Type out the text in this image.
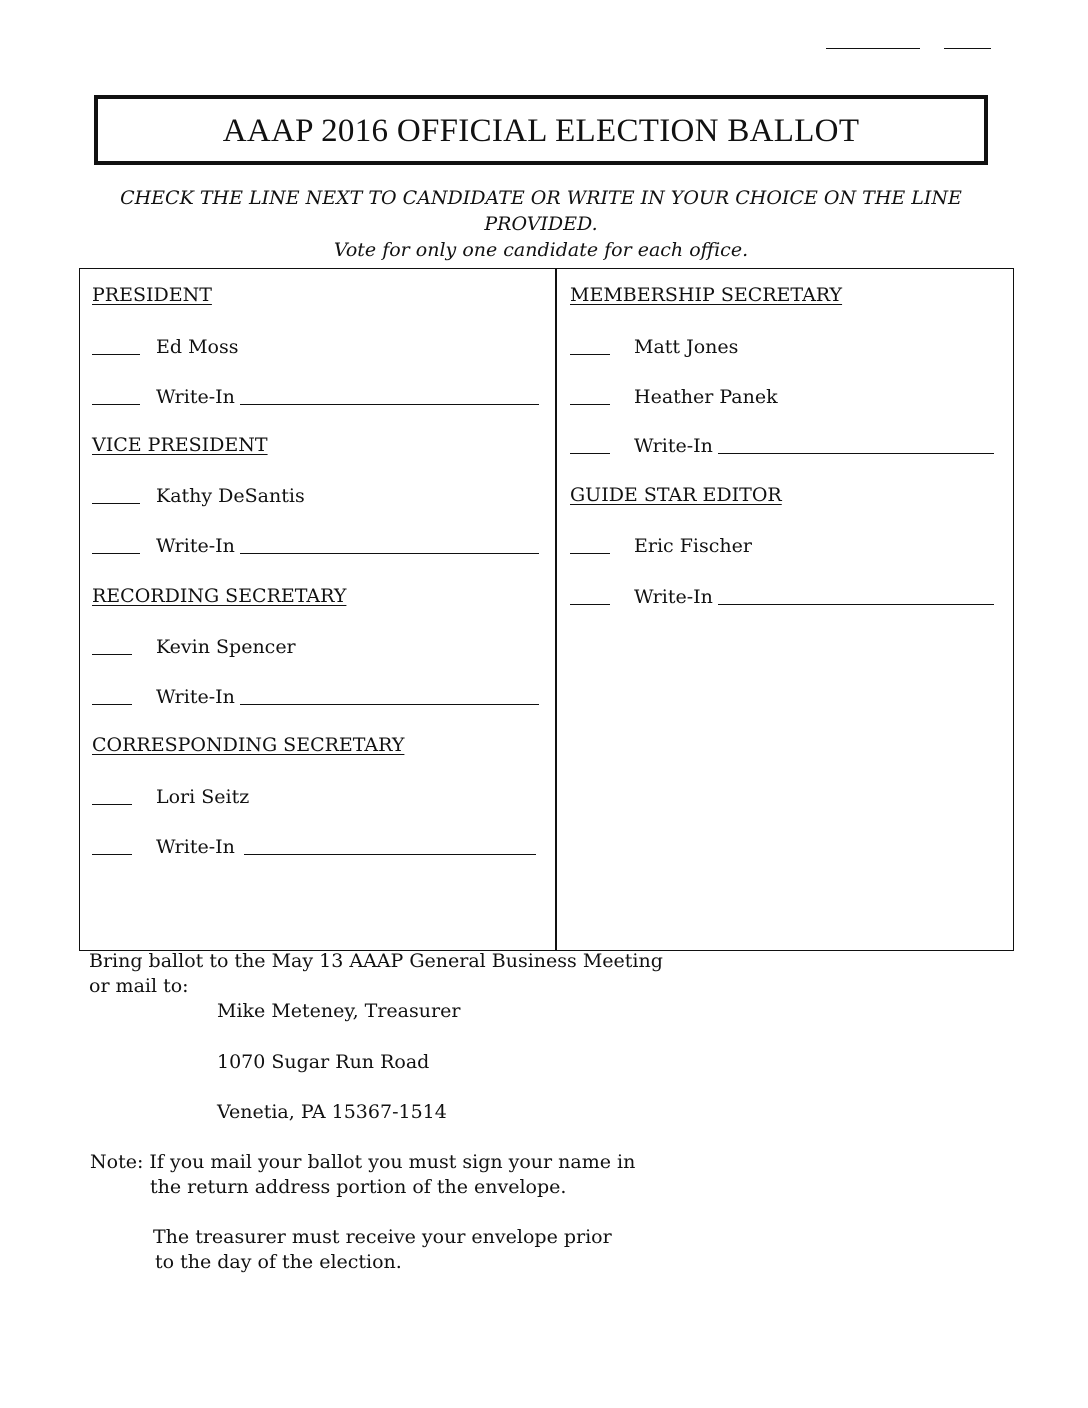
AAAP 2016 OFFICIAL ELECTION BALLOT
CHECK THE LINE NEXT TO CANDIDATE OR WRITE IN YOUR CHOICE ON THE LINE PROVIDED.
Vote for only one candidate for each office.
PRESIDENT
Ed Moss
Write-In
VICE PRESIDENT
Kathy DeSantis
Write-In
RECORDING SECRETARY
Kevin Spencer
Write-In
CORRESPONDING SECRETARY
Lori Seitz
Write-In
MEMBERSHIP SECRETARY
Matt Jones
Heather Panek
Write-In
GUIDE STAR EDITOR
Eric Fischer
Write-In
Bring ballot to the May 13 AAAP General Business Meeting
or mail to:
Mike Meteney, Treasurer
1070 Sugar Run Road
Venetia, PA 15367-1514
Note: If you mail your ballot you must sign your name in
the return address portion of the envelope.
The treasurer must receive your envelope prior
to the day of the election.
